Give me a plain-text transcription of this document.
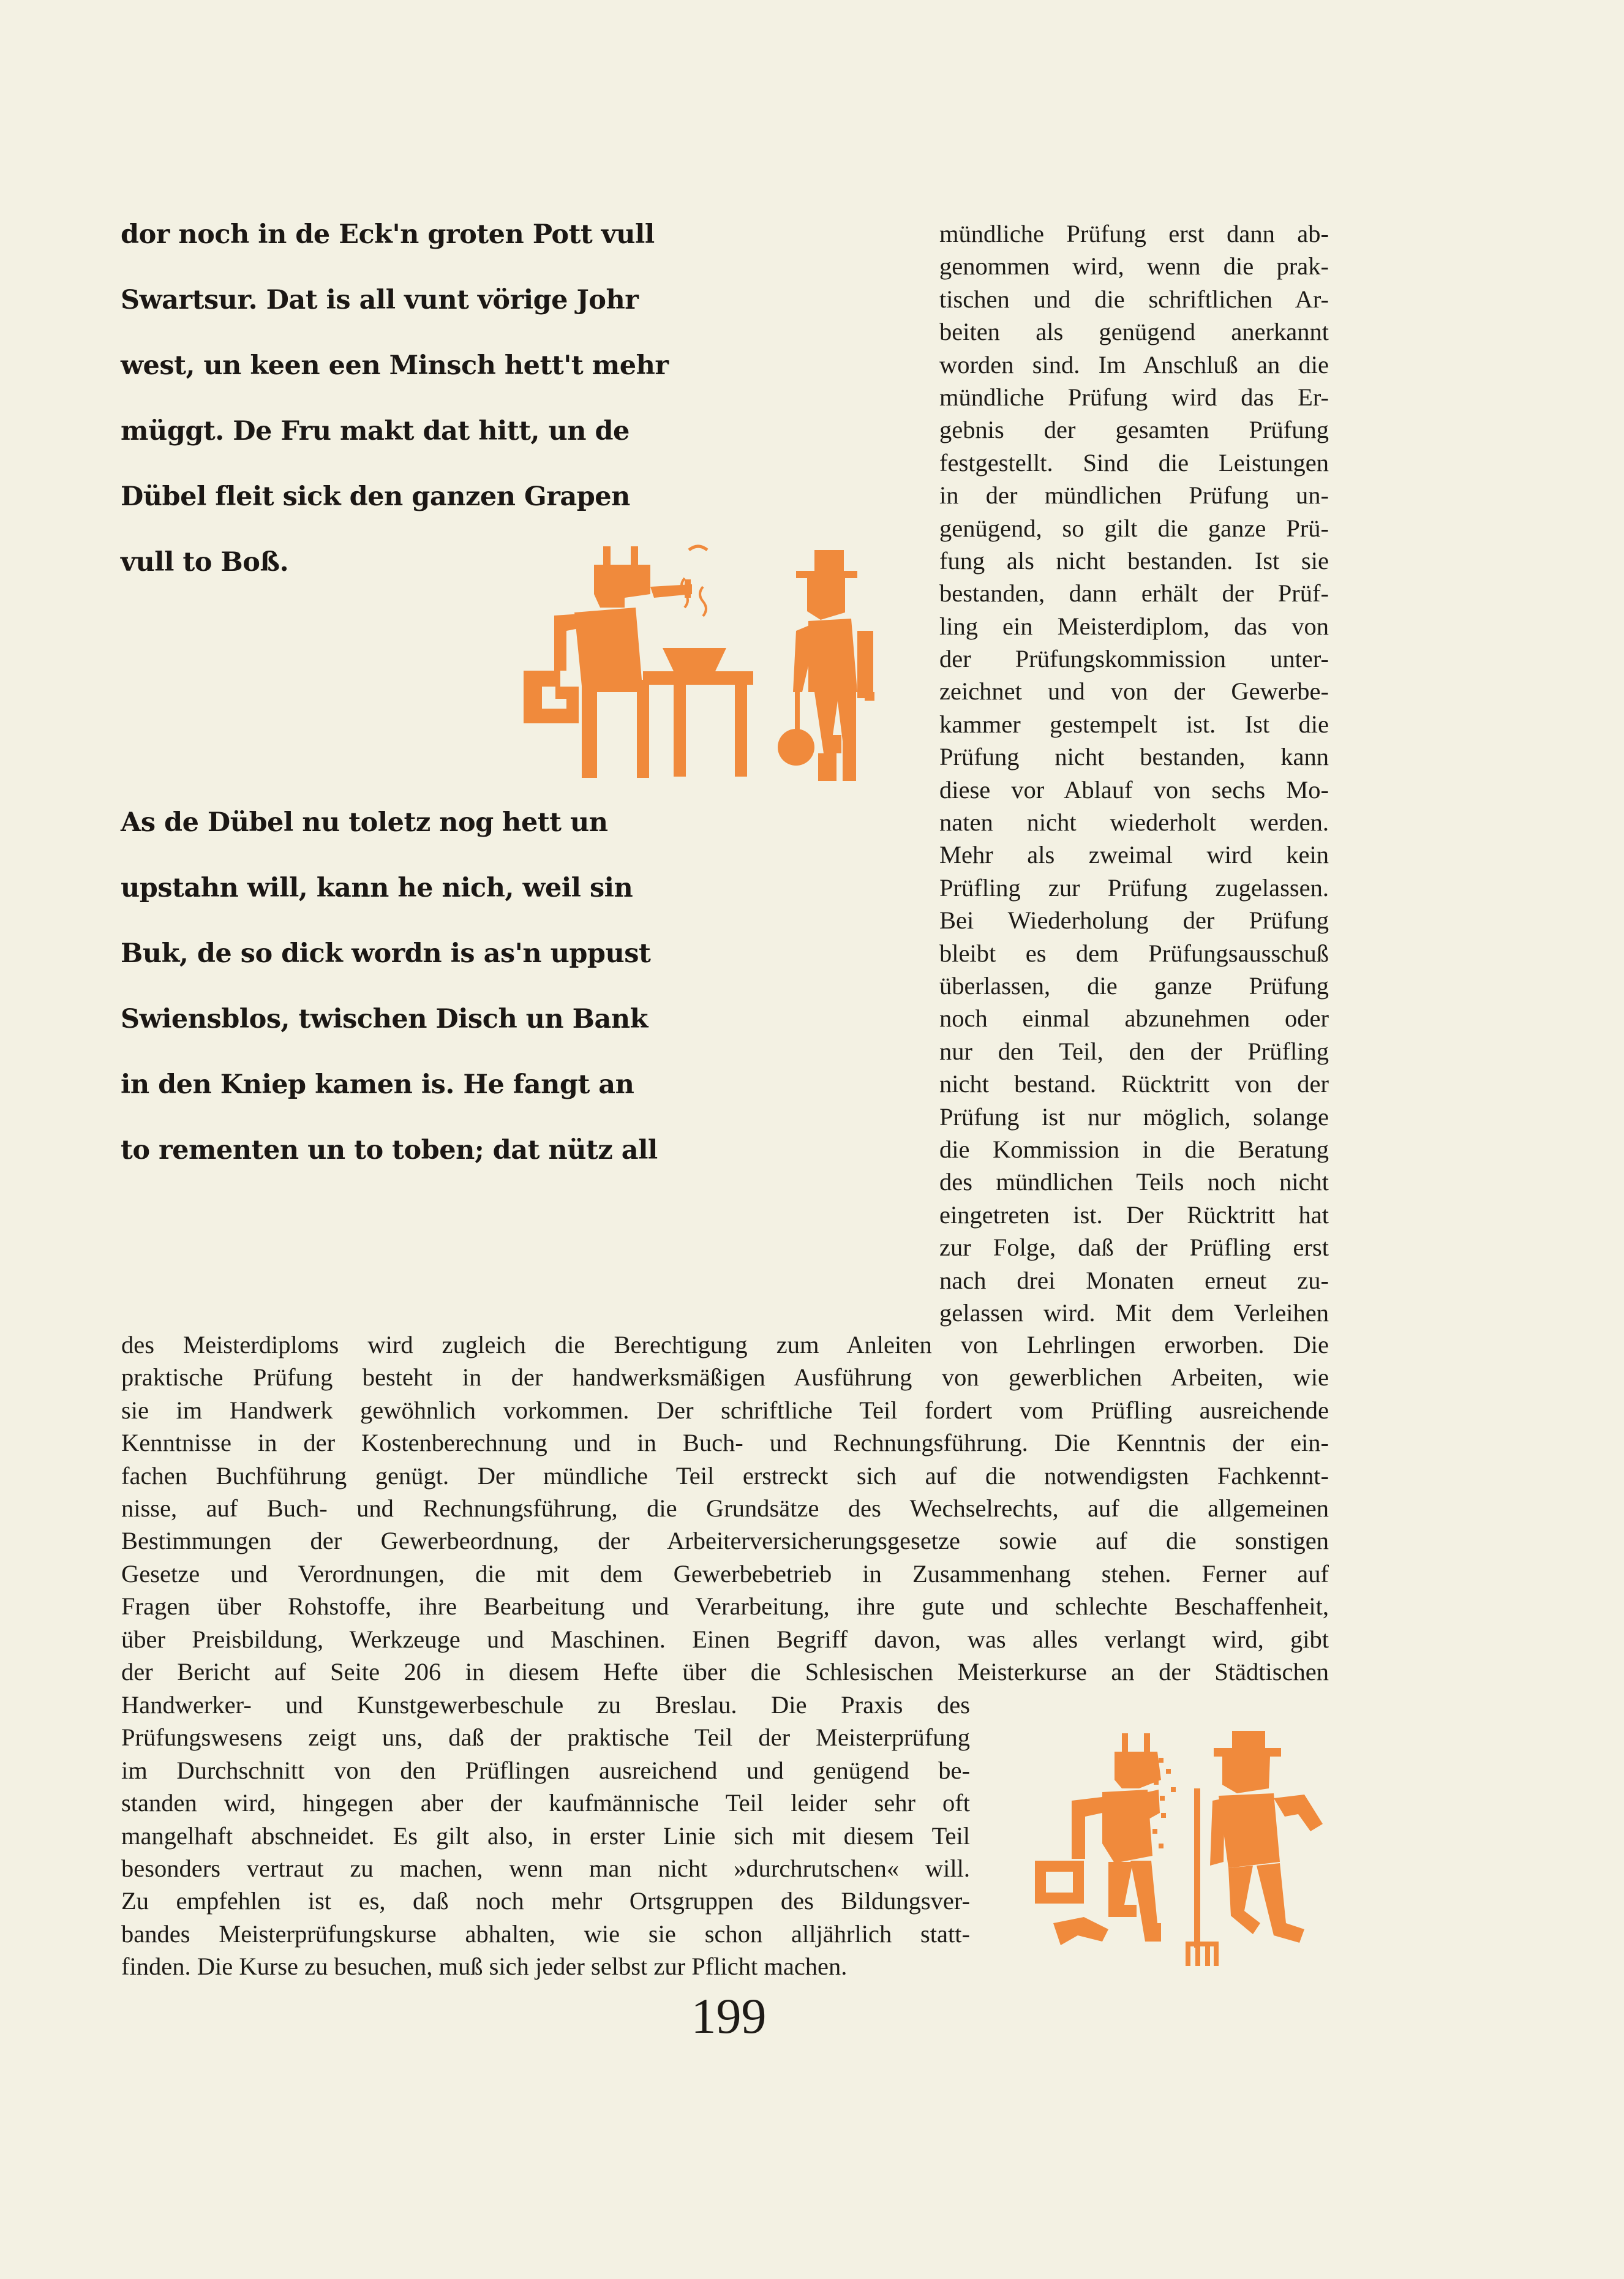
dor noch in de Eck'n groten Pott vull
Swartsur. Dat is all vunt vörige Johr
west, un keen een Minsch hett't mehr
müggt. De Fru makt dat hitt, un de
Dübel fleit sick den ganzen Grapen
vull to Boß.
As de Dübel nu toletz nog hett un
upstahn will, kann he nich, weil sin
Buk, de so dick wordn is as'n uppust
Swiensblos, twischen Disch un Bank
in den Kniep kamen is. He fangt an
to rementen un to toben; dat nütz all
mündliche Prüfung erst dann ab-
genommen wird, wenn die prak-
tischen und die schriftlichen Ar-
beiten als genügend anerkannt
worden sind. Im Anschluß an die
mündliche Prüfung wird das Er-
gebnis der gesamten Prüfung
festgestellt. Sind die Leistungen
in der mündlichen Prüfung un-
genügend, so gilt die ganze Prü-
fung als nicht bestanden. Ist sie
bestanden, dann erhält der Prüf-
ling ein Meisterdiplom, das von
der Prüfungskommission unter-
zeichnet und von der Gewerbe-
kammer gestempelt ist. Ist die
Prüfung nicht bestanden, kann
diese vor Ablauf von sechs Mo-
naten nicht wiederholt werden.
Mehr als zweimal wird kein
Prüfling zur Prüfung zugelassen.
Bei Wiederholung der Prüfung
bleibt es dem Prüfungsausschuß
überlassen, die ganze Prüfung
noch einmal abzunehmen oder
nur den Teil, den der Prüfling
nicht bestand. Rücktritt von der
Prüfung ist nur möglich, solange
die Kommission in die Beratung
des mündlichen Teils noch nicht
eingetreten ist. Der Rücktritt hat
zur Folge, daß der Prüfling erst
nach drei Monaten erneut zu-
gelassen wird. Mit dem Verleihen
des Meisterdiploms wird zugleich die Berechtigung zum Anleiten von Lehrlingen erworben. Die
praktische Prüfung besteht in der handwerksmäßigen Ausführung von gewerblichen Arbeiten, wie
sie im Handwerk gewöhnlich vorkommen. Der schriftliche Teil fordert vom Prüfling ausreichende
Kenntnisse in der Kostenberechnung und in Buch- und Rechnungsführung. Die Kenntnis der ein-
fachen Buchführung genügt. Der mündliche Teil erstreckt sich auf die notwendigsten Fachkennt-
nisse, auf Buch- und Rechnungsführung, die Grundsätze des Wechselrechts, auf die allgemeinen
Bestimmungen der Gewerbeordnung, der Arbeiterversicherungsgesetze sowie auf die sonstigen
Gesetze und Verordnungen, die mit dem Gewerbebetrieb in Zusammenhang stehen. Ferner auf
Fragen über Rohstoffe, ihre Bearbeitung und Verarbeitung, ihre gute und schlechte Beschaffenheit,
über Preisbildung, Werkzeuge und Maschinen. Einen Begriff davon, was alles verlangt wird, gibt
der Bericht auf Seite 206 in diesem Hefte über die Schlesischen Meisterkurse an der Städtischen
Handwerker- und Kunstgewerbeschule zu Breslau. Die Praxis des
Prüfungswesens zeigt uns, daß der praktische Teil der Meisterprüfung
im Durchschnitt von den Prüflingen ausreichend und genügend be-
standen wird, hingegen aber der kaufmännische Teil leider sehr oft
mangelhaft abschneidet. Es gilt also, in erster Linie sich mit diesem Teil
besonders vertraut zu machen, wenn man nicht »durchrutschen« will.
Zu empfehlen ist es, daß noch mehr Ortsgruppen des Bildungsver-
bandes Meisterprüfungskurse abhalten, wie sie schon alljährlich statt-
finden. Die Kurse zu besuchen, muß sich jeder selbst zur Pflicht machen.
199
